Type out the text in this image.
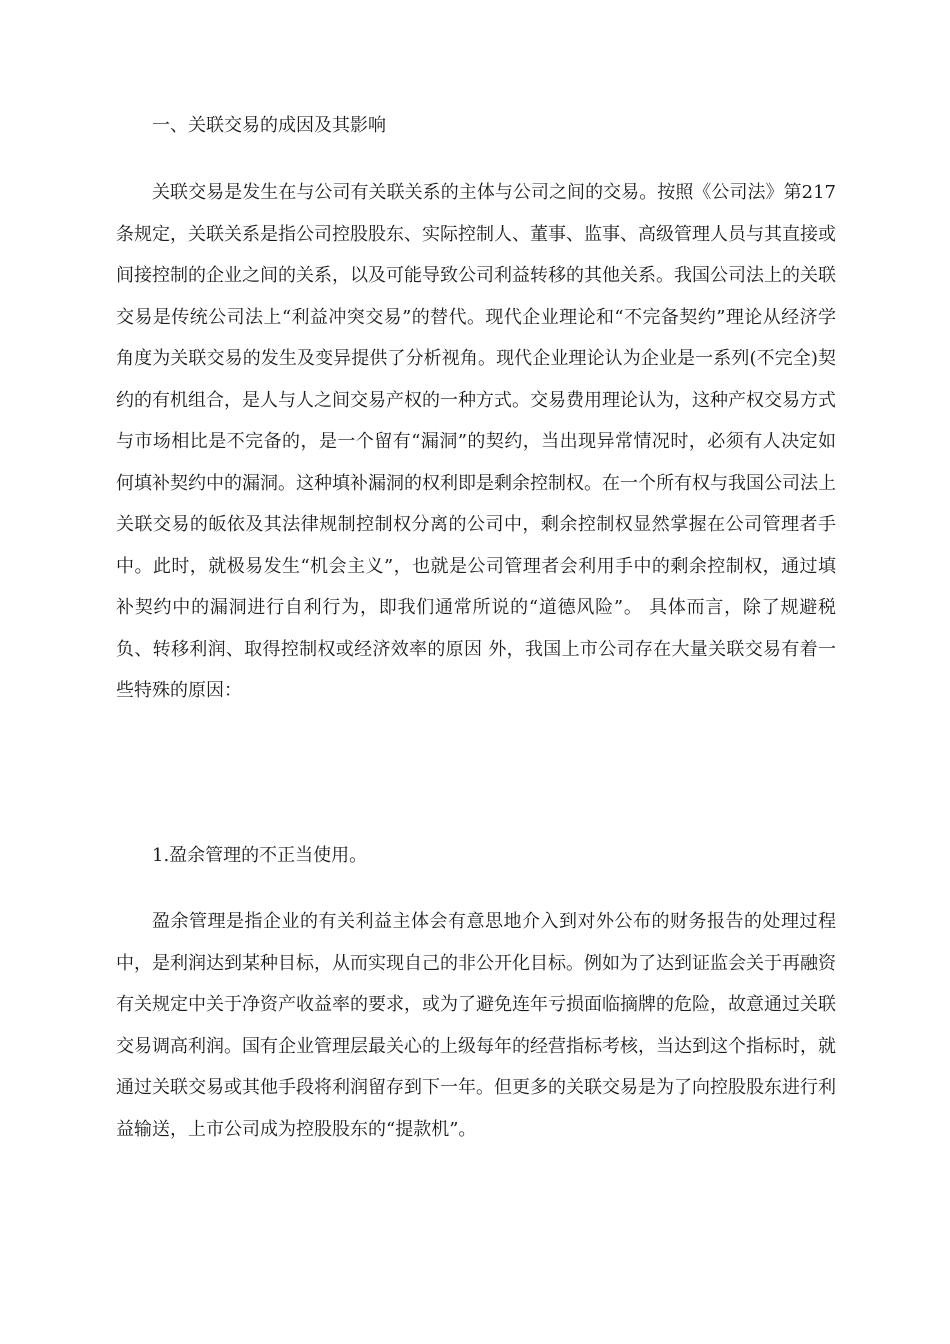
一、关联交易的成因及其影响

关联交易是发生在与公司有关联关系的主体与公司之间的交易。按照《公司法》第217条规定，关联关系是指公司控股股东、实际控制人、董事、监事、高级管理人员与其直接或间接控制的企业之间的关系，以及可能导致公司利益转移的其他关系。我国公司法上的关联交易是传统公司法上“利益冲突交易”的替代。现代企业理论和“不完备契约”理论从经济学角度为关联交易的发生及变异提供了分析视角。现代企业理论认为企业是一系列(不完全)契约的有机组合，是人与人之间交易产权的一种方式。交易费用理论认为，这种产权交易方式与市场相比是不完备的，是一个留有“漏洞”的契约，当出现异常情况时，必须有人决定如何填补契约中的漏洞。这种填补漏洞的权利即是剩余控制权。在一个所有权与我国公司法上关联交易的皈依及其法律规制控制权分离的公司中，剩余控制权显然掌握在公司管理者手中。此时，就极易发生“机会主义”，也就是公司管理者会利用手中的剩余控制权，通过填补契约中的漏洞进行自利行为，即我们通常所说的“道德风险”。 具体而言，除了规避税负、转移利润、取得控制权或经济效率的原因 外，我国上市公司存在大量关联交易有着一些特殊的原因：

1.盈余管理的不正当使用。

盈余管理是指企业的有关利益主体会有意思地介入到对外公布的财务报告的处理过程中，是利润达到某种目标，从而实现自己的非公开化目标。例如为了达到证监会关于再融资有关规定中关于净资产收益率的要求，或为了避免连年亏损面临摘牌的危险，故意通过关联交易调高利润。国有企业管理层最关心的上级每年的经营指标考核，当达到这个指标时，就通过关联交易或其他手段将利润留存到下一年。但更多的关联交易是为了向控股股东进行利益输送，上市公司成为控股股东的“提款机”。
